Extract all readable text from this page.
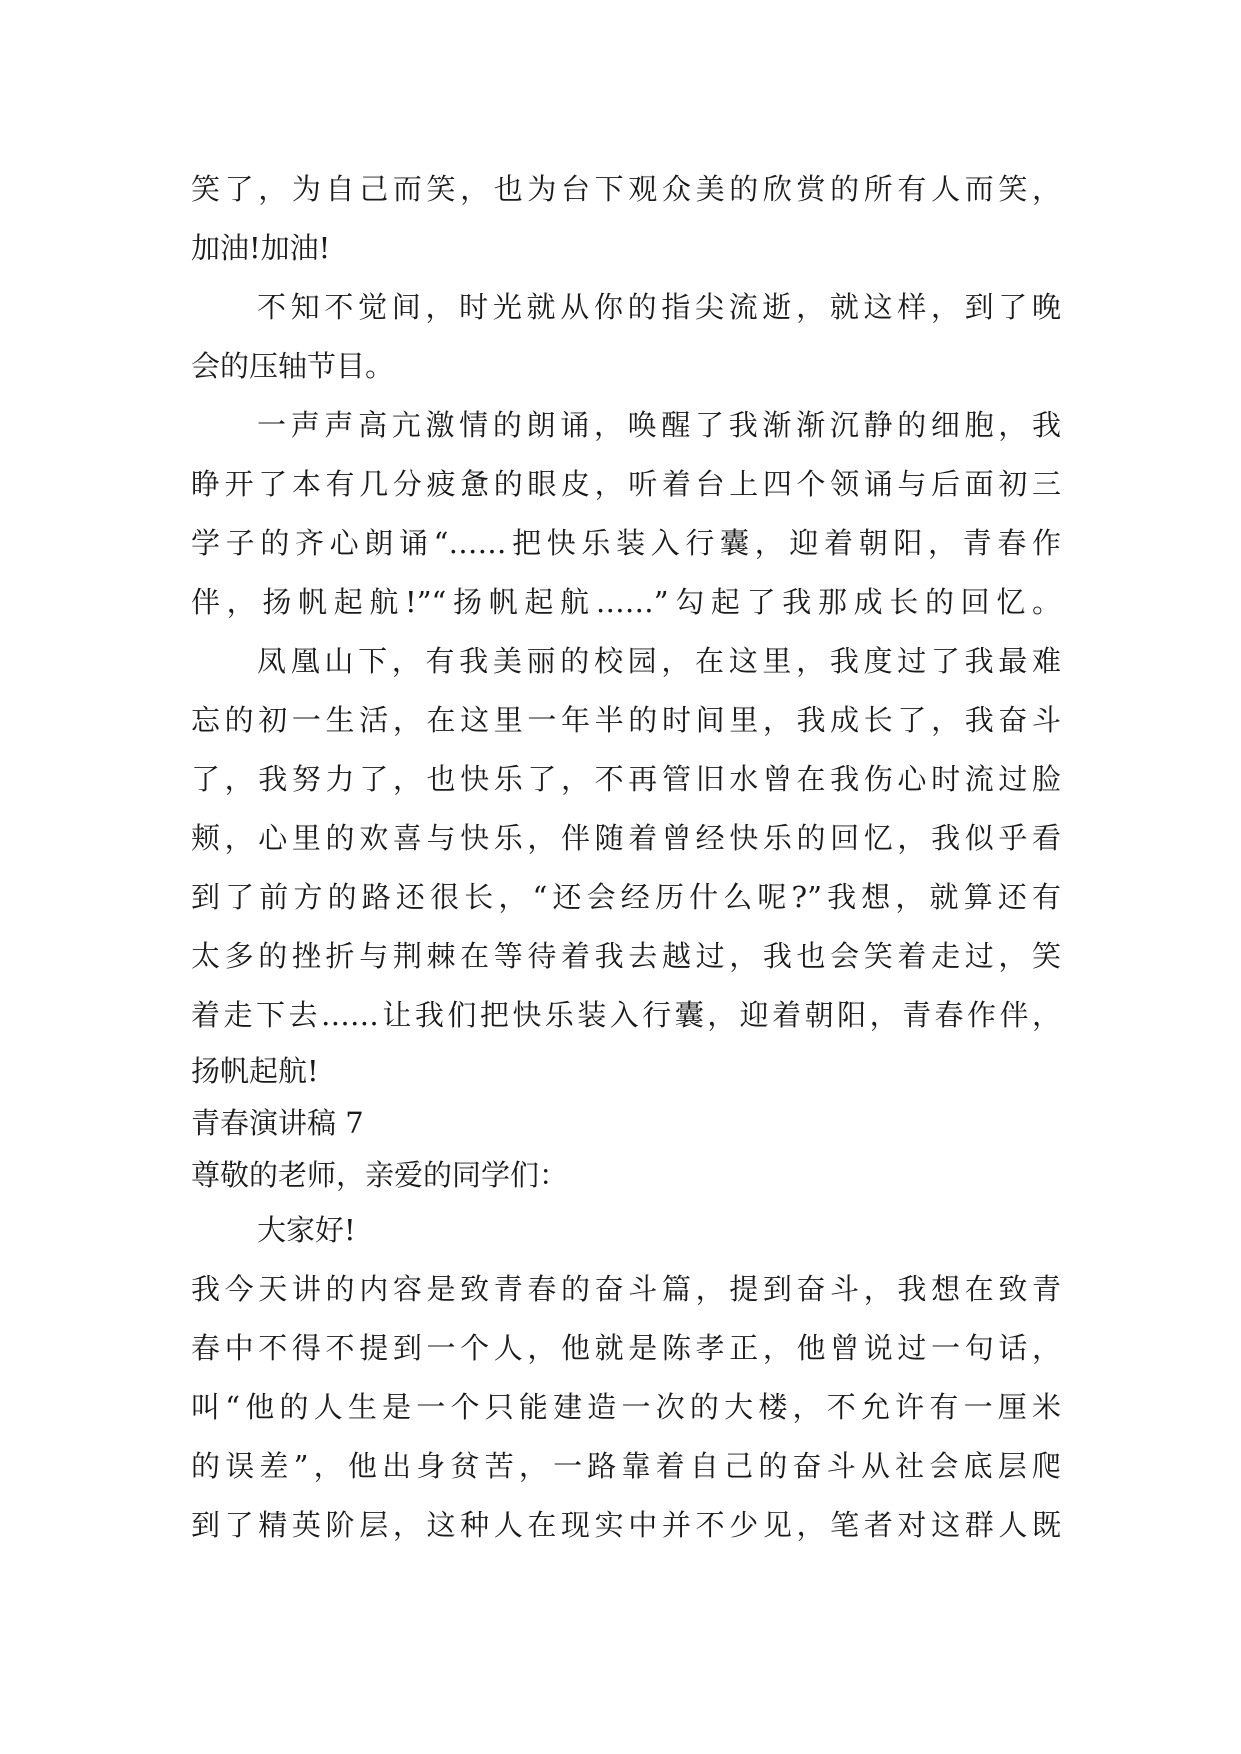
笑了，为自己而笑，也为台下观众美的欣赏的所有人而笑，
加油!加油!
不知不觉间，时光就从你的指尖流逝，就这样，到了晚
会的压轴节目。
一声声高亢激情的朗诵，唤醒了我渐渐沉静的细胞，我
睁开了本有几分疲惫的眼皮，听着台上四个领诵与后面初三
学子的齐心朗诵“……把快乐装入行囊，迎着朝阳，青春作
伴，扬帆起航!”“扬帆起航……”勾起了我那成长的回忆。
凤凰山下，有我美丽的校园，在这里，我度过了我最难
忘的初一生活，在这里一年半的时间里，我成长了，我奋斗
了，我努力了，也快乐了，不再管旧水曾在我伤心时流过脸
颊，心里的欢喜与快乐，伴随着曾经快乐的回忆，我似乎看
到了前方的路还很长，“还会经历什么呢?”我想，就算还有
太多的挫折与荆棘在等待着我去越过，我也会笑着走过，笑
着走下去……让我们把快乐装入行囊，迎着朝阳，青春作伴，
扬帆起航!
青春演讲稿 7
尊敬的老师，亲爱的同学们：
大家好!
我今天讲的内容是致青春的奋斗篇，提到奋斗，我想在致青
春中不得不提到一个人，他就是陈孝正，他曾说过一句话，
叫“他的人生是一个只能建造一次的大楼，不允许有一厘米
的误差”，他出身贫苦，一路靠着自己的奋斗从社会底层爬
到了精英阶层，这种人在现实中并不少见，笔者对这群人既
